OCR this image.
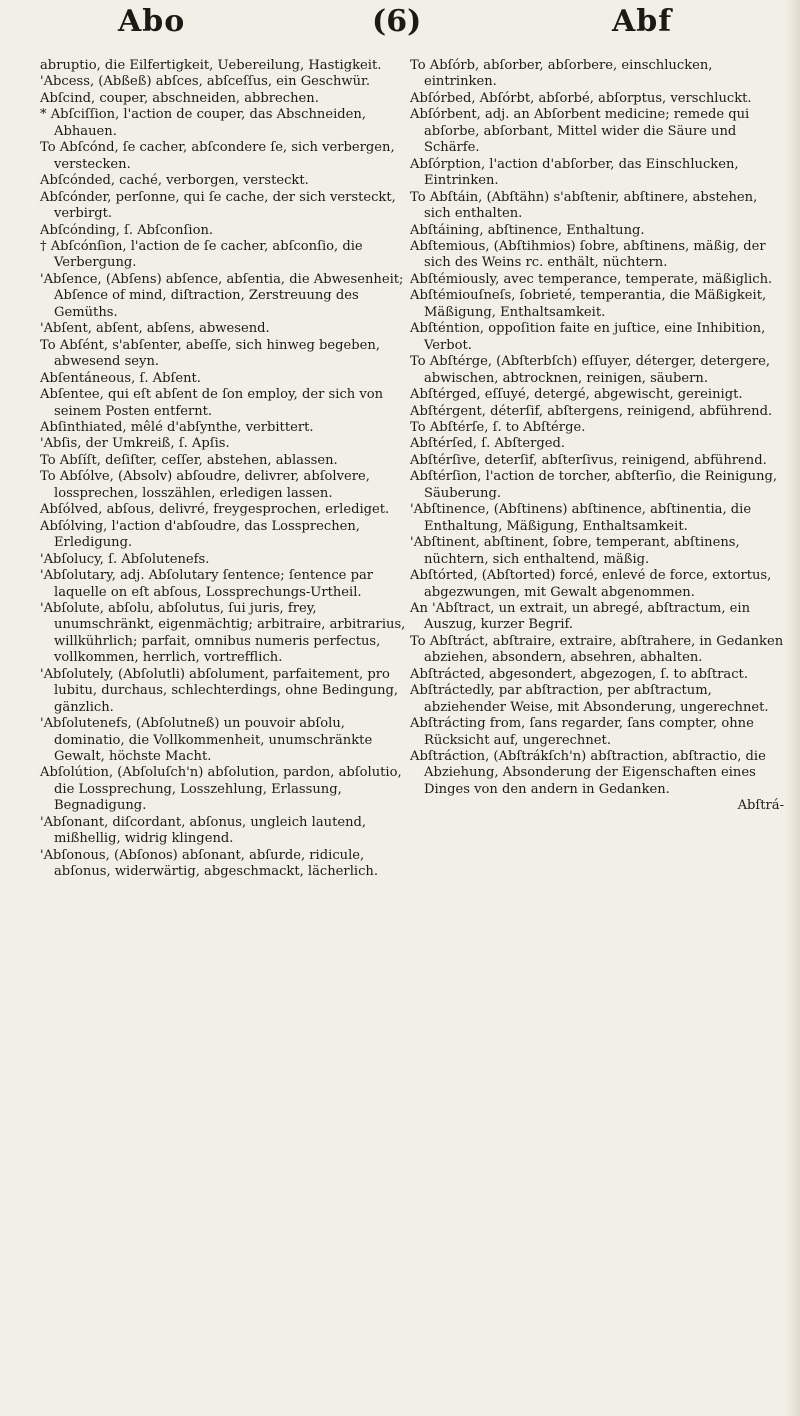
Abo	(6)	Abf
abruptio, die Eilfertigkeit, Uebereilung, Hastigkeit.
'Abcess, (Abßeß) abſces, abſceſſus, ein Geschwür.
Abſcind, couper, abschneiden, abbrechen.
* Abſciſſion, l'action de couper, das Abschneiden, Abhauen.
To Abſcónd, ſe cacher, abſcondere ſe, sich verbergen, verstecken.
Abſcónded, caché, verborgen, versteckt.
Abſcónder, perſonne, qui ſe cache, der sich versteckt, verbirgt.
Abſcónding, ſ. Abſconſion.
† Abſcónſion, l'action de ſe cacher, abſconſio, die Verbergung.
'Abſence, (Abſens) abſence, abſentia, die Abwesenheit; Abſence of mind, diſtraction, Zerstreuung des Gemüths.
'Abſent, abſent, abſens, abwesend.
To Abſént, s'abſenter, abeſſe, sich hinweg begeben, abwesend seyn.
Abſentáneous, ſ. Abſent.
Abſentee, qui eſt abſent de ſon employ, der sich von seinem Posten entfernt.
Abſinthiated, mêlé d'abſynthe, verbittert.
'Abſis, der Umkreiß, ſ. Apſis.
To Abſíſt, deſiſter, ceſſer, abstehen, ablassen.
To Abſólve, (Absolv) abſoudre, delivrer, abſolvere, lossprechen, losszählen, erledigen lassen.
Abſólved, abſous, delivré, freygesprochen, erlediget.
Abſólving, l'action d'abſoudre, das Lossprechen, Erledigung.
'Abſolucy, ſ. Abſolutenefs.
'Abſolutary, adj. Abſolutary ſentence; ſentence par laquelle on eſt abſous, Lossprechungs-Urtheil.
'Abſolute, abſolu, abſolutus, ſui juris, frey, unumschränkt, eigenmächtig; arbitraire, arbitrarius, willkührlich; parfait, omnibus numeris perfectus, vollkommen, herrlich, vortrefflich.
'Abſolutely, (Abſolutli) abſolument, parfaitement, pro lubitu, durchaus, schlechterdings, ohne Bedingung, gänzlich.
'Abſolutenefs, (Abſolutneß) un pouvoir abſolu, dominatio, die Vollkommenheit, unumschränkte Gewalt, höchste Macht.
Abſolútion, (Abſoluſch'n) abſolution, pardon, abſolutio, die Lossprechung, Losszehlung, Erlassung, Begnadigung.
'Abſonant, diſcordant, abſonus, ungleich lautend, mißhellig, widrig klingend.
'Abſonous, (Abſonos) abſonant, abſurde, ridicule, abſonus, widerwärtig, abgeschmackt, lächerlich.
To Abſórb, abſorber, abſorbere, einschlucken, eintrinken.
Abſórbed, Abſórbt, abſorbé, abſorptus, verschluckt.
Abſórbent, adj. an Abſorbent medicine; remede qui abſorbe, abſorbant, Mittel wider die Säure und Schärfe.
Abſórption, l'action d'abſorber, das Einschlucken, Eintrinken.
To Abſtáin, (Abſtähn) s'abſtenir, abſtinere, abstehen, sich enthalten.
Abſtáining, abſtinence, Enthaltung.
Abſtemious, (Abſtihmios) ſobre, abſtinens, mäßig, der sich des Weins rc. enthält, nüchtern.
Abſtémiously, avec temperance, temperate, mäßiglich.
Abſtémiouſneſs, ſobrieté, temperantia, die Mäßigkeit, Mäßigung, Enthaltsamkeit.
Abſténtion, oppoſition faite en juſtice, eine Inhibition, Verbot.
To Abſtérge, (Abſterbſch) eſſuyer, déterger, detergere, abwischen, abtrocknen, reinigen, säubern.
Abſtérged, eſſuyé, detergé, abgewischt, gereinigt.
Abſtérgent, déterſif, abſtergens, reinigend, abführend.
To Abſtérſe, ſ. to Abſtérge.
Abſtérſed, ſ. Abſterged.
Abſtérſive, deterſif, abſterſivus, reinigend, abführend.
Abſtérſion, l'action de torcher, abſterſio, die Reinigung, Säuberung.
'Abſtinence, (Abſtinens) abſtinence, abſtinentia, die Enthaltung, Mäßigung, Enthaltsamkeit.
'Abſtinent, abſtinent, ſobre, temperant, abſtinens, nüchtern, sich enthaltend, mäßig.
Abſtórted, (Abſtorted) forcé, enlevé de force, extortus, abgezwungen, mit Gewalt abgenommen.
An 'Abſtract, un extrait, un abregé, abſtractum, ein Auszug, kurzer Begrif.
To Abſtráct, abſtraire, extraire, abſtrahere, in Gedanken abziehen, absondern, absehren, abhalten.
Abſtrácted, abgesondert, abgezogen, ſ. to abſtract.
Abſtráctedly, par abſtraction, per abſtractum, abziehender Weise, mit Absonderung, ungerechnet.
Abſtrácting from, ſans regarder, ſans compter, ohne Rücksicht auf, ungerechnet.
Abſtráction, (Abſtrákſch'n) abſtraction, abſtractio, die Abziehung, Absonderung der Eigenschaften eines Dinges von den andern in Gedanken.
Abſtrá-
